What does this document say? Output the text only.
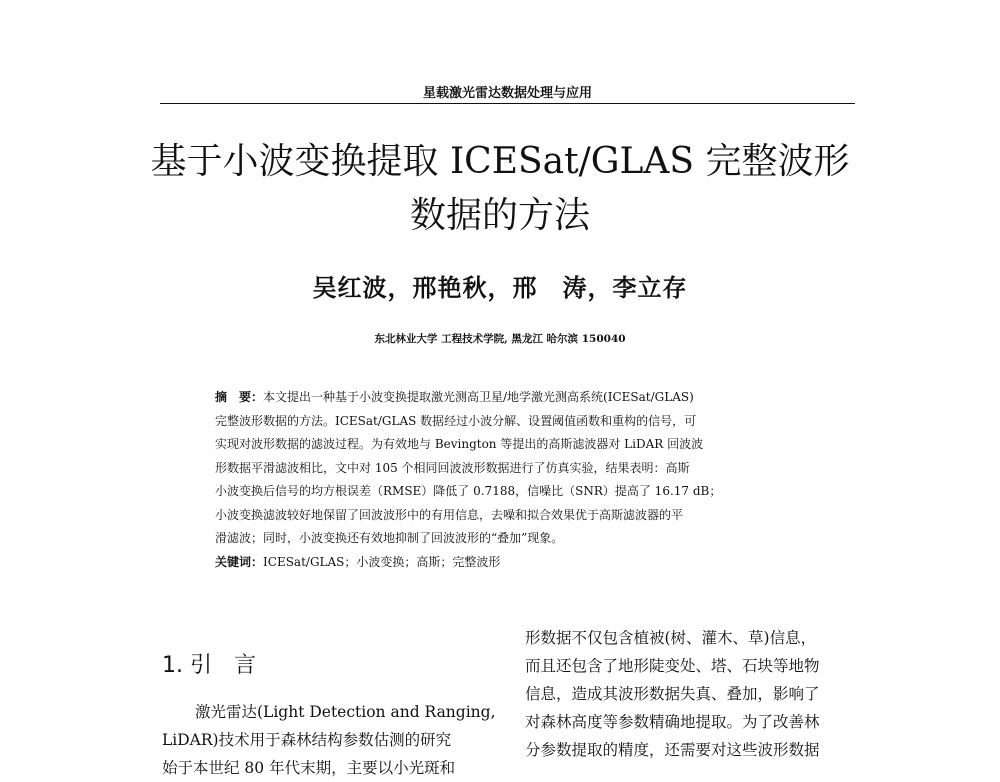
星载激光雷达数据处理与应用
基于小波变换提取 ICESat/GLAS 完整波形
数据的方法
吴红波，邢艳秋，邢　涛，李立存
东北林业大学 工程技术学院, 黑龙江 哈尔滨 150040
摘　要：本文提出一种基于小波变换提取激光测高卫星/地学激光测高系统(ICESat/GLAS)
完整波形数据的方法。ICESat/GLAS 数据经过小波分解、设置阈值函数和重构的信号，可
实现对波形数据的滤波过程。为有效地与 Bevington 等提出的高斯滤波器对 LiDAR 回波波
形数据平滑滤波相比，文中对 105 个相同回波波形数据进行了仿真实验，结果表明：高斯
小波变换后信号的均方根误差（RMSE）降低了 0.7188，信噪比（SNR）提高了 16.17 dB；
小波变换滤波较好地保留了回波波形中的有用信息，去噪和拟合效果优于高斯滤波器的平
滑滤波；同时，小波变换还有效地抑制了回波波形的“叠加”现象。
关键词：ICESat/GLAS；小波变换；高斯；完整波形
1. 引　言
激光雷达(Light Detection and Ranging,
LiDAR)技术用于森林结构参数估测的研究
始于本世纪 80 年代末期，主要以小光斑和
形数据不仅包含植被(树、灌木、草)信息，
而且还包含了地形陡变处、塔、石块等地物
信息，造成其波形数据失真、叠加，影响了
对森林高度等参数精确地提取。为了改善林
分参数提取的精度，还需要对这些波形数据
